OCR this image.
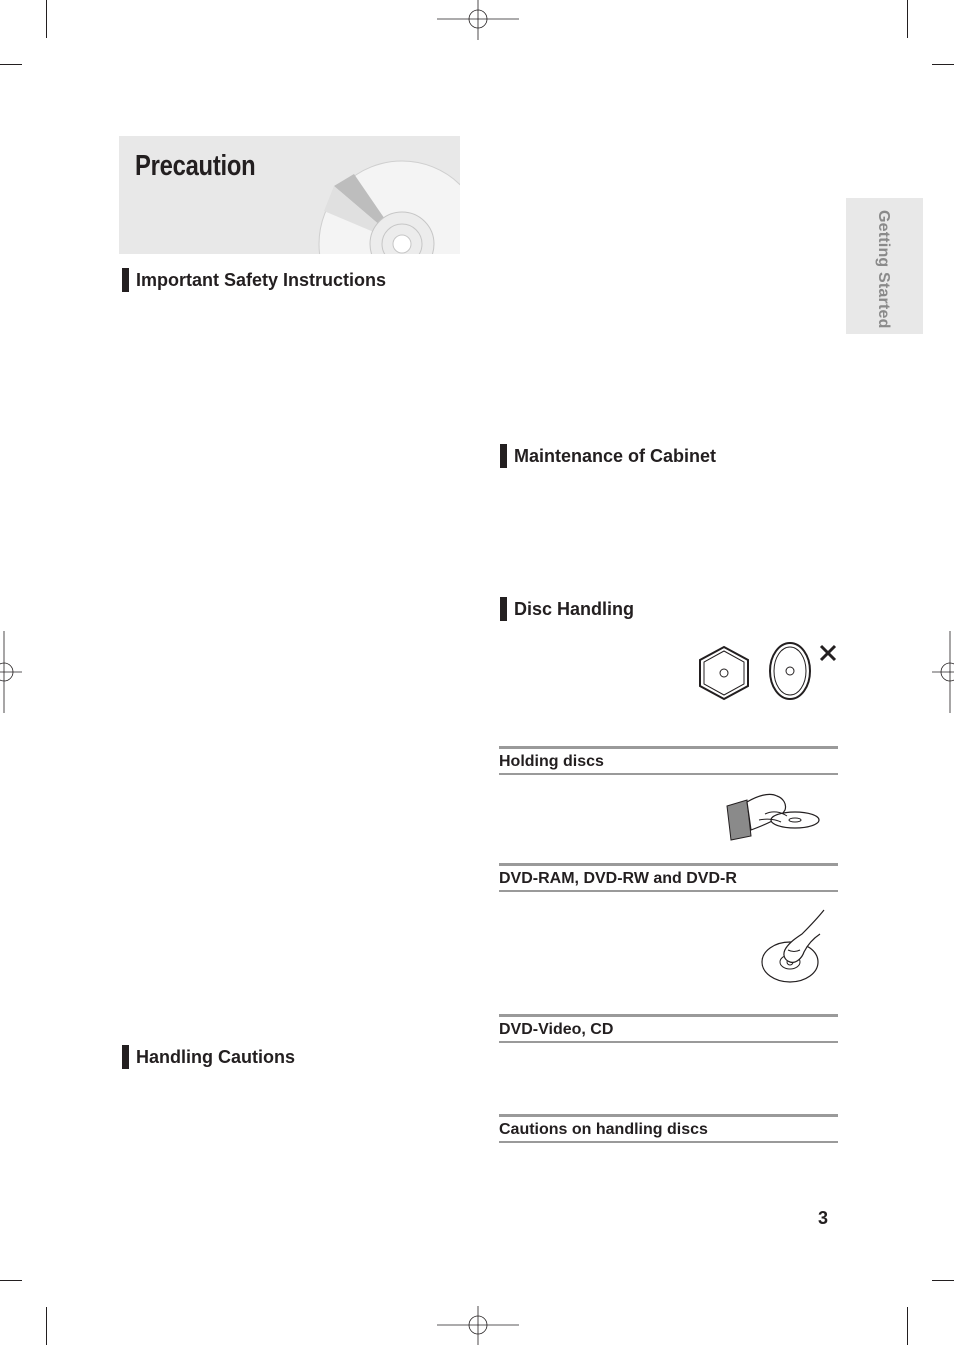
Precaution
Getting Started
Important Safety Instructions
Handling Cautions
Maintenance of Cabinet
Disc Handling
Holding discs
DVD-RAM, DVD-RW and DVD-R
DVD-Video, CD
Cautions on handling discs
3
